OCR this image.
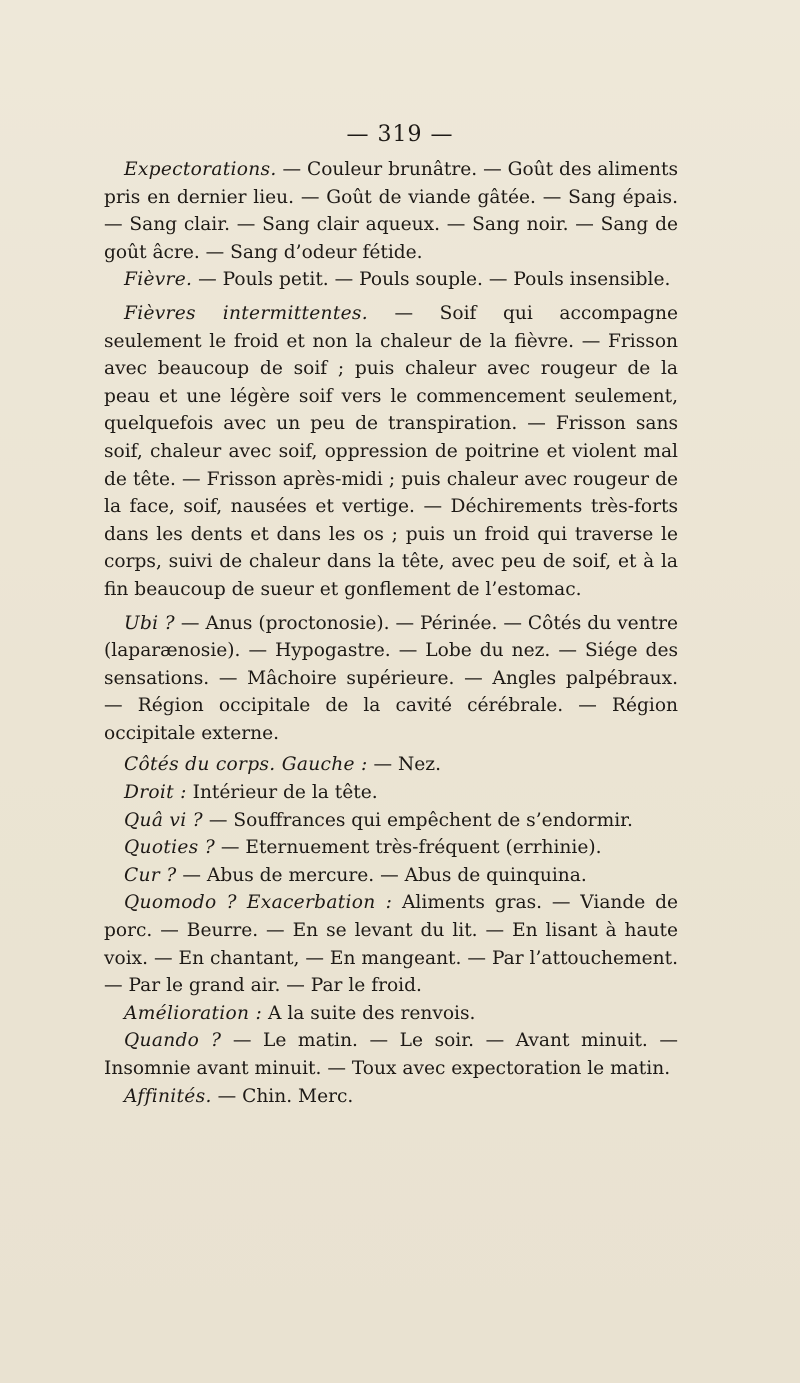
— 319 —

Expectorations. — Couleur brunâtre. — Goût des aliments pris en dernier lieu. — Goût de viande gâtée. — Sang épais. — Sang clair. — Sang clair aqueux. — Sang noir. — Sang de goût âcre. — Sang d’odeur fétide.

Fièvre. — Pouls petit. — Pouls souple. — Pouls insensible.

Fièvres intermittentes. — Soif qui accompagne seulement le froid et non la chaleur de la fièvre. — Frisson avec beaucoup de soif ; puis chaleur avec rougeur de la peau et une légère soif vers le commencement seulement, quelquefois avec un peu de transpiration. — Frisson sans soif, chaleur avec soif, oppression de poitrine et violent mal de tête. — Frisson après-midi ; puis chaleur avec rougeur de la face, soif, nausées et vertige. — Déchirements très-forts dans les dents et dans les os ; puis un froid qui traverse le corps, suivi de chaleur dans la tête, avec peu de soif, et à la fin beaucoup de sueur et gonflement de l’estomac.

Ubi ? — Anus (proctonosie). — Périnée. — Côtés du ventre (laparænosie). — Hypogastre. — Lobe du nez. — Siége des sensations. — Mâchoire supérieure. — Angles palpébraux. — Région occipitale de la cavité cérébrale. — Région occipitale externe.

Côtés du corps. Gauche : — Nez.

Droit : Intérieur de la tête.

Quâ vi ? — Souffrances qui empêchent de s’endormir.

Quoties ? — Eternuement très-fréquent (errhinie).

Cur ? — Abus de mercure. — Abus de quinquina.

Quomodo ? Exacerbation : Aliments gras. — Viande de porc. — Beurre. — En se levant du lit. — En lisant à haute voix. — En chantant, — En mangeant. — Par l’attouchement. — Par le grand air. — Par le froid.

Amélioration : A la suite des renvois.

Quando ? — Le matin. — Le soir. — Avant minuit. — Insomnie avant minuit. — Toux avec expectoration le matin.

Affinités. — Chin. Merc.
